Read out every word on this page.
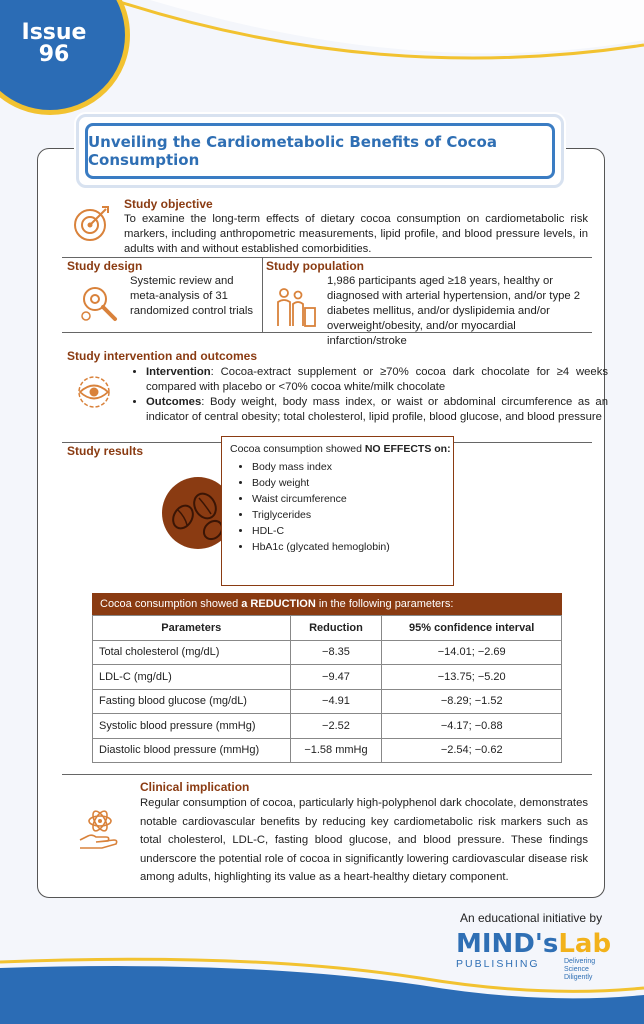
Issue
96
Unveiling the Cardiometabolic Benefits of Cocoa Consumption
Study objective
To examine the long-term effects of dietary cocoa consumption on cardiometabolic risk markers, including anthropometric measurements, lipid profile, and blood pressure levels, in adults with and without established comorbidities.
Study design
Systemic review and meta-analysis of 31 randomized control trials
Study population
1,986 participants aged ≥18 years, healthy or diagnosed with arterial hypertension, and/or type 2 diabetes mellitus, and/or dyslipidemia and/or overweight/obesity, and/or myocardial infarction/stroke
Study intervention and outcomes
• Intervention: Cocoa-extract supplement or ≥70% cocoa dark chocolate for ≥4 weeks compared with placebo or <70% cocoa white/milk chocolate
• Outcomes: Body weight, body mass index, or waist or abdominal circumference as an indicator of central obesity; total cholesterol, lipid profile, blood glucose, and blood pressure
Study results	Cocoa consumption showed NO EFFECTS on:
• Body mass index
• Body weight
• Waist circumference
• Triglycerides
• HDL-C
• HbA1c (glycated hemoglobin)
Cocoa consumption showed a REDUCTION in the following parameters:
Parameters	Reduction	95% confidence interval
Total cholesterol (mg/dL)	−8.35	−14.01; −2.69
LDL-C (mg/dL)	−9.47	−13.75; −5.20
Fasting blood glucose (mg/dL)	−4.91	−8.29; −1.52
Systolic blood pressure (mmHg)	−2.52	−4.17; −0.88
Diastolic blood pressure (mmHg)	−1.58 mmHg	−2.54; −0.62
Clinical implication
Regular consumption of cocoa, particularly high-polyphenol dark chocolate, demonstrates notable cardiovascular benefits by reducing key cardiometabolic risk markers such as total cholesterol, LDL-C, fasting blood glucose, and blood pressure. These findings underscore the potential role of cocoa in significantly lowering cardiovascular disease risk among adults, highlighting its value as a heart-healthy dietary component.
An educational initiative by
MIND'sLab
PUBLISHING	Delivering
Science
Diligently
